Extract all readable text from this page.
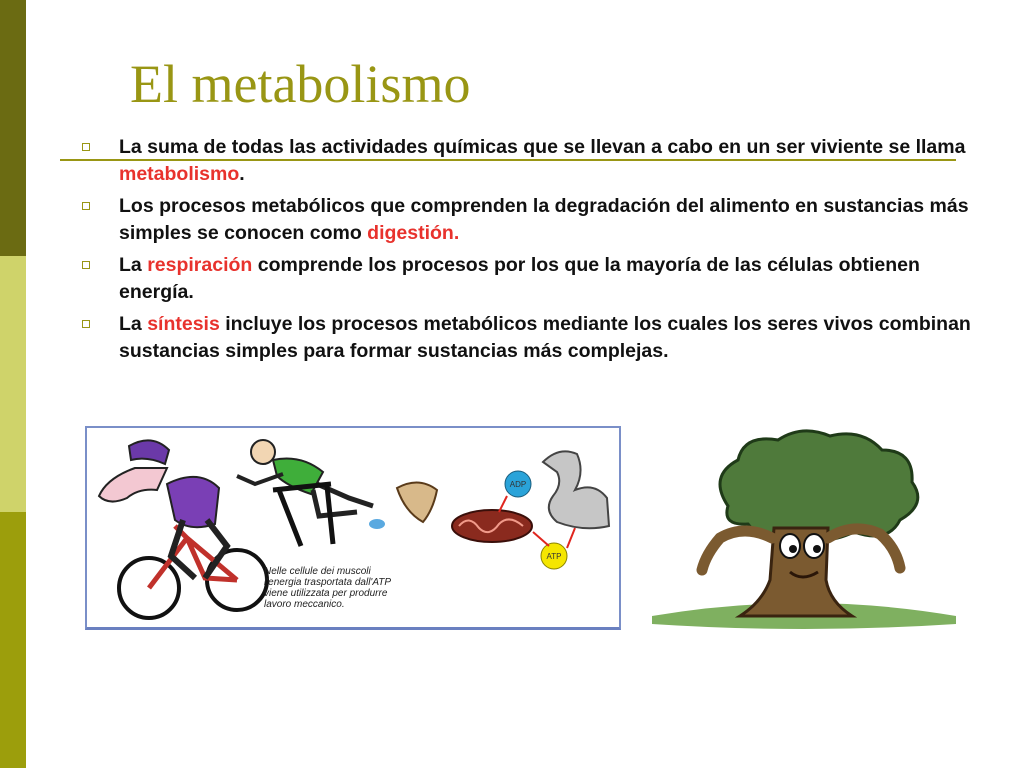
El metabolismo
La suma de todas las actividades químicas que se llevan a cabo en un ser viviente se llama metabolismo.
Los procesos metabólicos que comprenden la degradación del alimento en sustancias más simples se conocen como digestión.
La respiración comprende los procesos por los que la mayoría de las células obtienen energía.
La síntesis incluye los procesos metabólicos mediante los cuales los seres vivos combinan sustancias simples para formar sustancias más complejas.
ADP
ATP
Nelle cellule dei muscoli
l'energia trasportata dall'ATP
viene utilizzata per produrre
lavoro meccanico.
